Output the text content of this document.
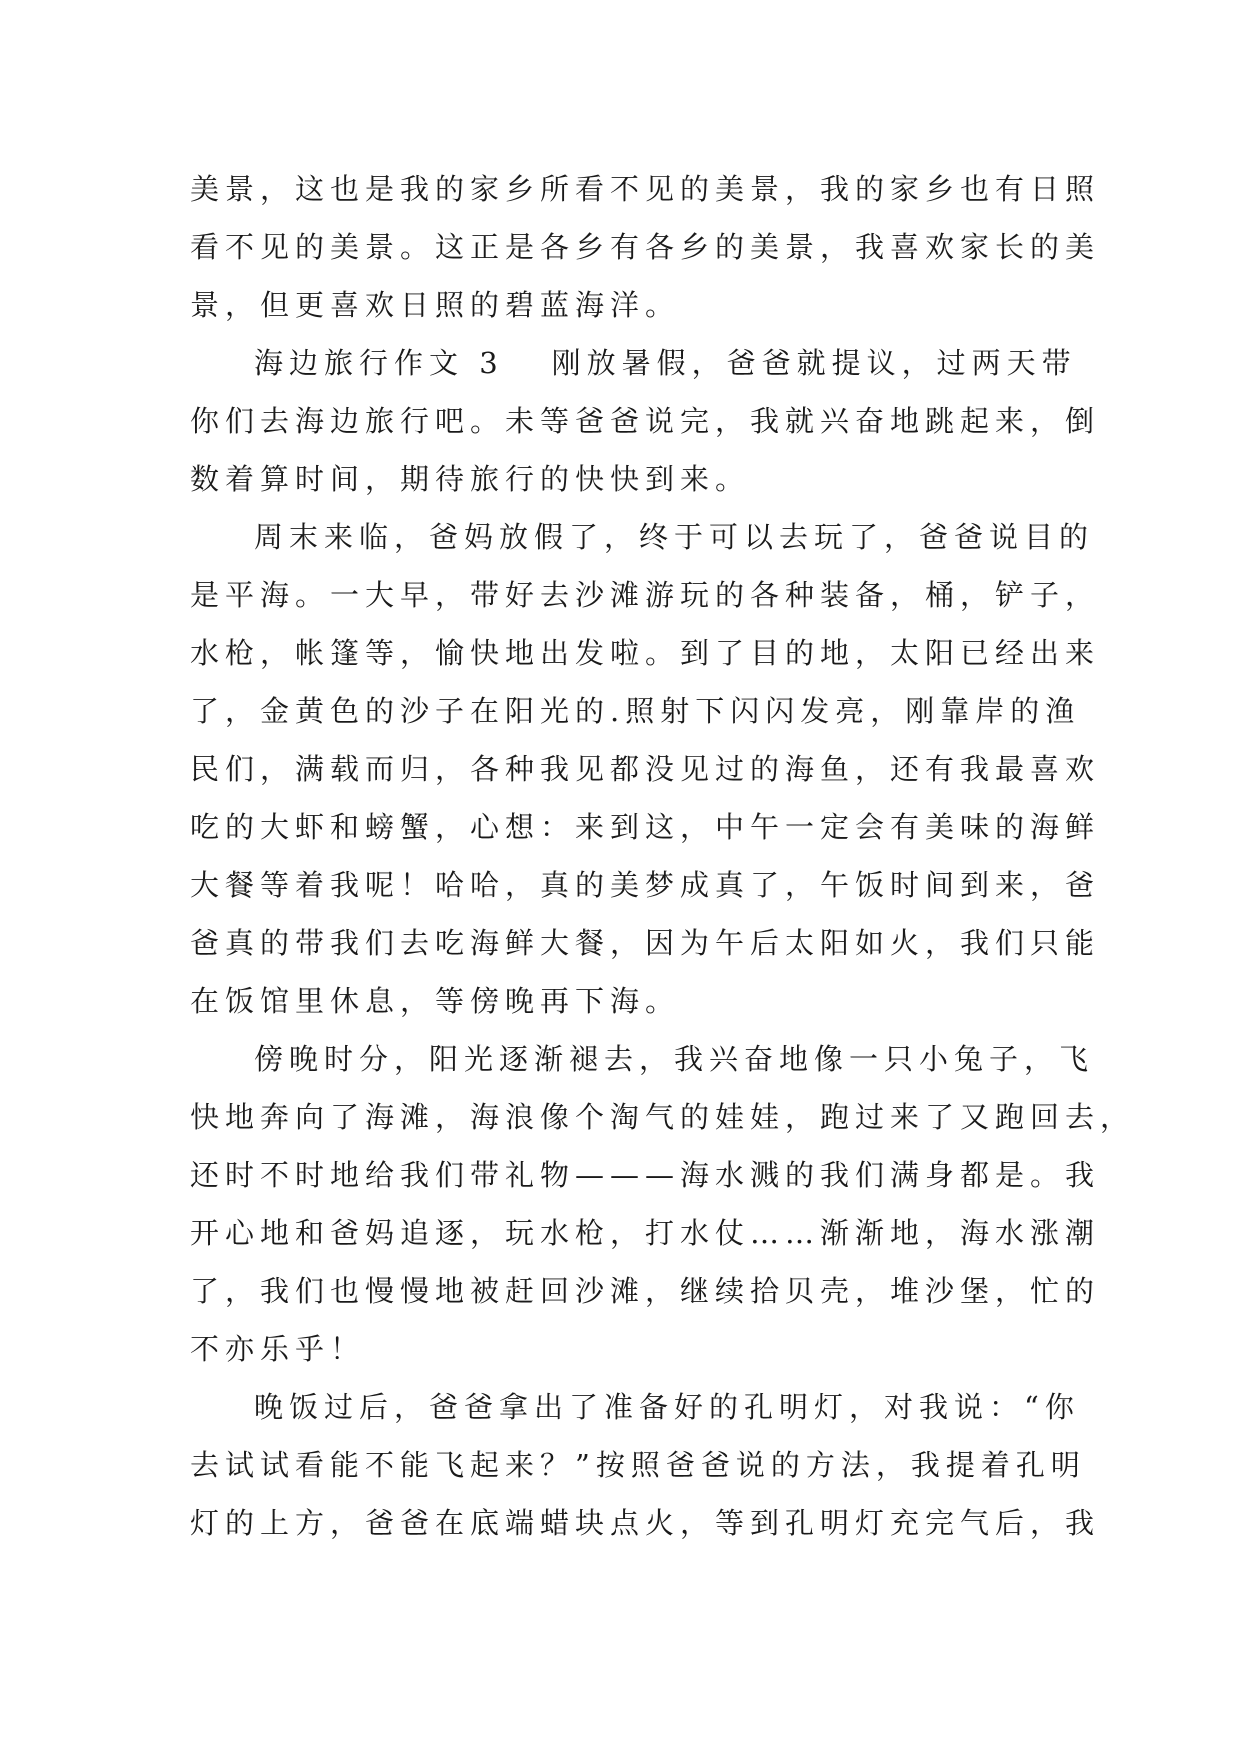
美景，这也是我的家乡所看不见的美景，我的家乡也有日照
看不见的美景。这正是各乡有各乡的美景，我喜欢家长的美
景，但更喜欢日照的碧蓝海洋。
海边旅行作文 3 刚放暑假，爸爸就提议，过两天带
你们去海边旅行吧。未等爸爸说完，我就兴奋地跳起来，倒
数着算时间，期待旅行的快快到来。
周末来临，爸妈放假了，终于可以去玩了，爸爸说目的
是平海。一大早，带好去沙滩游玩的各种装备，桶，铲子，
水枪，帐篷等，愉快地出发啦。到了目的地，太阳已经出来
了，金黄色的沙子在阳光的.照射下闪闪发亮，刚靠岸的渔
民们，满载而归，各种我见都没见过的海鱼，还有我最喜欢
吃的大虾和螃蟹，心想：来到这，中午一定会有美味的海鲜
大餐等着我呢！哈哈，真的美梦成真了，午饭时间到来，爸
爸真的带我们去吃海鲜大餐，因为午后太阳如火，我们只能
在饭馆里休息，等傍晚再下海。
傍晚时分，阳光逐渐褪去，我兴奋地像一只小兔子，飞
快地奔向了海滩，海浪像个淘气的娃娃，跑过来了又跑回去，
还时不时地给我们带礼物———海水溅的我们满身都是。我
开心地和爸妈追逐，玩水枪，打水仗……渐渐地，海水涨潮
了，我们也慢慢地被赶回沙滩，继续拾贝壳，堆沙堡，忙的
不亦乐乎！
晚饭过后，爸爸拿出了准备好的孔明灯，对我说：“你
去试试看能不能飞起来？”按照爸爸说的方法，我提着孔明
灯的上方，爸爸在底端蜡块点火，等到孔明灯充完气后，我
